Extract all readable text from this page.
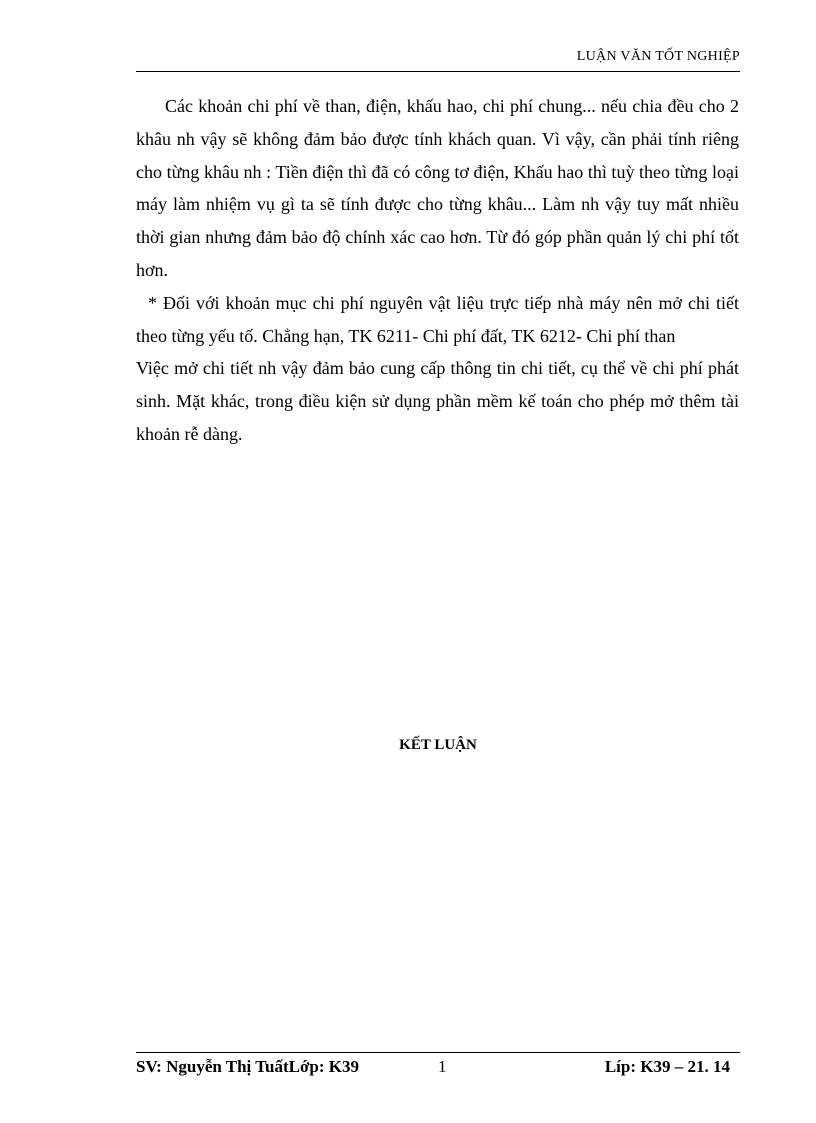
LUẬN VĂN TỐT NGHIỆP

Các khoản chi phí về than, điện, khấu hao, chi phí chung... nếu chia đều cho 2 khâu nh vậy sẽ không đảm bảo được tính khách quan. Vì vậy, cần phải tính riêng cho từng khâu nh : Tiền điện thì đã có công tơ điện, Khấu hao thì tuỳ theo từng loại máy làm nhiệm vụ gì ta sẽ tính được cho từng khâu... Làm nh vậy tuy mất nhiều thời gian nhưng đảm bảo độ chính xác cao hơn. Từ đó góp phần quản lý chi phí tốt hơn.

* Đối với khoản mục chi phí nguyên vật liệu trực tiếp nhà máy nên mở chi tiết theo từng yếu tố. Chẳng hạn, TK 6211- Chi phí đất, TK 6212- Chi phí than

Việc mở chi tiết nh vậy đảm bảo cung cấp thông tin chi tiết, cụ thể về chi phí phát sinh. Mặt khác, trong điều kiện sử dụng phần mềm kế toán cho phép mở thêm tài khoản rễ dàng.

KẾT LUẬN
SV: Nguyễn Thị TuấtLớp: K39	1	Líp: K39 – 21. 14
